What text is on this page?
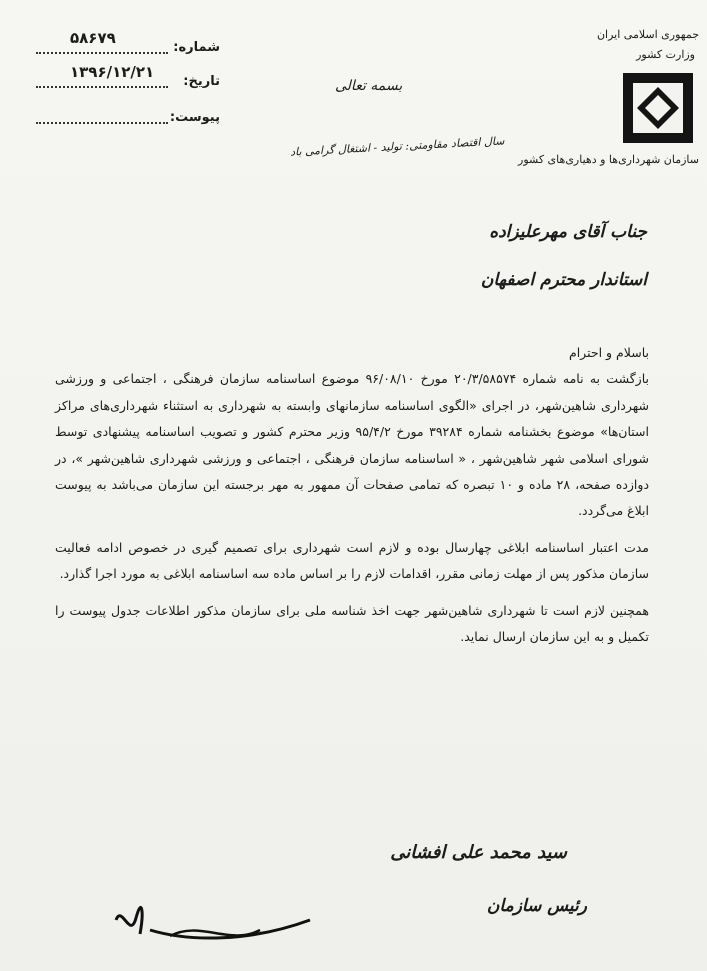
شماره:
۵۸۶۷۹
تاریخ:
۱۳۹۶/۱۲/۲۱
پیوست:
بسمه تعالی
سال اقتصاد مقاومتی: تولید - اشتغال گرامی باد
جمهوری اسلامی ایران
وزارت کشور
سازمان شهرداری‌ها و دهیاری‌های کشور
جناب آقای مهرعلیزاده
استاندار محترم اصفهان

باسلام و احترام

بازگشت به نامه شماره ۲۰/۳/۵۸۵۷۴ مورخ ۹۶/۰۸/۱۰ موضوع اساسنامه سازمان فرهنگی ، اجتماعی و ورزشی شهرداری شاهین‌شهر، در اجرای «الگوی اساسنامه سازمانهای وابسته به شهرداری به استثناء شهرداری‌های مراکز استان‌ها» موضوع بخشنامه شماره ۳۹۲۸۴ مورخ ۹۵/۴/۲ وزیر محترم کشور و تصویب اساسنامه پیشنهادی توسط شورای اسلامی شهر شاهین‌شهر ، « اساسنامه سازمان فرهنگی ، اجتماعی و ورزشی شهرداری شاهین‌شهر »، در دوازده صفحه، ۲۸ ماده و ۱۰ تبصره که تمامی صفحات آن ممهور به مهر برجسته این سازمان می‌باشد به پیوست ابلاغ می‌گردد.

مدت اعتبار اساسنامه ابلاغی چهارسال بوده و لازم است شهرداری برای تصمیم گیری در خصوص ادامه فعالیت سازمان مذکور پس از مهلت زمانی مقرر، اقدامات لازم را بر اساس ماده سه اساسنامه ابلاغی به مورد اجرا گذارد.

همچنین لازم است تا شهرداری شاهین‌شهر جهت اخذ شناسه ملی برای سازمان مذکور اطلاعات جدول پیوست را تکمیل و به این سازمان ارسال نماید.

سید محمد علی افشانی
رئیس سازمان
